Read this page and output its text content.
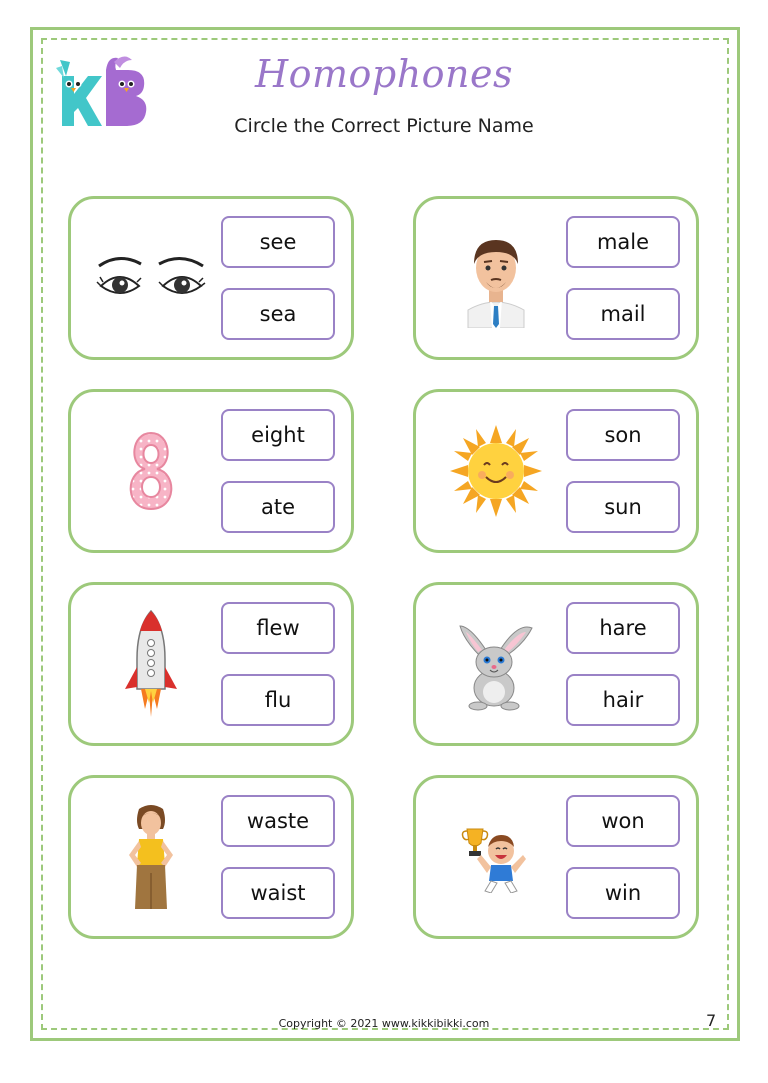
Homophones
Circle the Correct Picture Name
see
sea
male
mail
eight
ate
son
sun
flew
flu
hare
hair
waste
waist
won
win
Copyright © 2021 www.kikkibikki.com	7
